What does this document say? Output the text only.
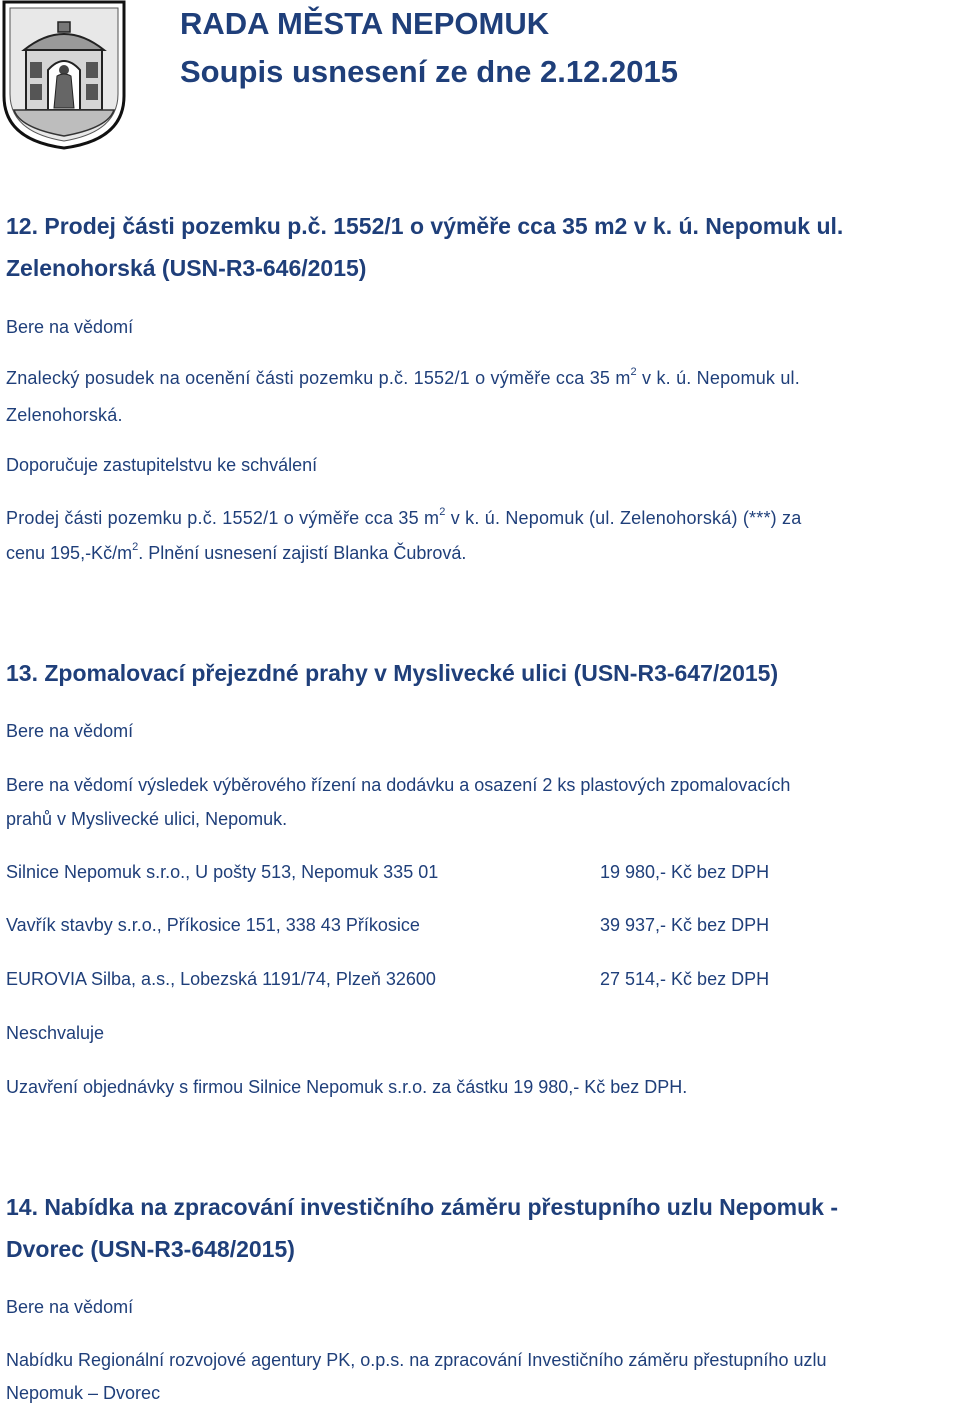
RADA MĚSTA NEPOMUK
Soupis usnesení ze dne 2.12.2015

12. Prodej části pozemku p.č. 1552/1 o výměře cca 35 m2 v k. ú. Nepomuk ul.

Zelenohorská (USN-R3-646/2015)

Bere na vědomí

Znalecký posudek na ocenění části pozemku p.č. 1552/1 o výměře cca 35 $m^2$ v k. ú. Nepomuk ul.

Zelenohorská.

Doporučuje zastupitelstvu ke schválení

Prodej části pozemku p.č. 1552/1 o výměře cca 35 $m^2$ v k. ú. Nepomuk (ul. Zelenohorská) (***) za

cenu $195,-Kč/m^2$. Plnění usnesení zajistí Blanka Čubrová.

13. Zpomalovací přejezdné prahy v Myslivecké ulici (USN-R3-647/2015)

Bere na vědomí

Bere na vědomí výsledek výběrového řízení na dodávku a osazení 2 ks plastových zpomalovacích

prahů v Myslivecké ulici, Nepomuk.

Silnice Nepomuk s.r.o., U pošty 513, Nepomuk 335 01	19 980,- Kč bez DPH

Vavřík stavby s.r.o., Příkosice 151, 338 43 Příkosice	39 937,- Kč bez DPH

EUROVIA Silba, a.s., Lobezská 1191/74, Plzeň 32600	27 514,- Kč bez DPH

Neschvaluje

Uzavření objednávky s firmou Silnice Nepomuk s.r.o. za částku 19 980,- Kč bez DPH.

14. Nabídka na zpracování investičního záměru přestupního uzlu Nepomuk -

Dvorec (USN-R3-648/2015)

Bere na vědomí

Nabídku Regionální rozvojové agentury PK, o.p.s. na zpracování Investičního záměru přestupního uzlu

Nepomuk – Dvorec
